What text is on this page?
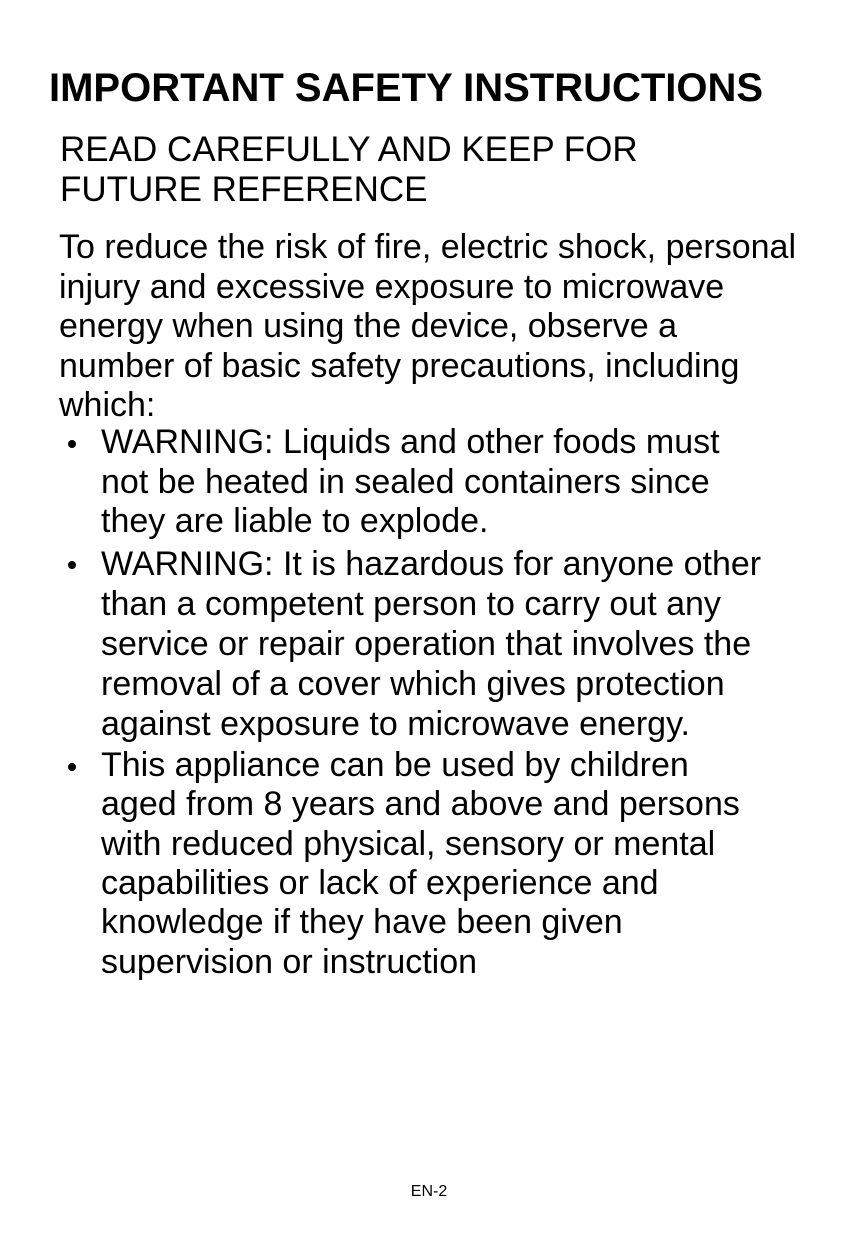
IMPORTANT SAFETY INSTRUCTIONS

READ CAREFULLY AND KEEP FOR FUTURE REFERENCE

To reduce the risk of fire, electric shock, personal injury and excessive exposure to microwave energy when using the device, observe a number of basic safety precautions, including which:

WARNING: Liquids and other foods must not be heated in sealed containers since they are liable to explode.
WARNING: It is hazardous for anyone other than a competent person to carry out any service or repair operation that involves the removal of a cover which gives protection against exposure to microwave energy.
This appliance can be used by children aged from 8 years and above and persons with reduced physical, sensory or mental capabilities or lack of experience and knowledge if they have been given supervision or instruction
EN-2
